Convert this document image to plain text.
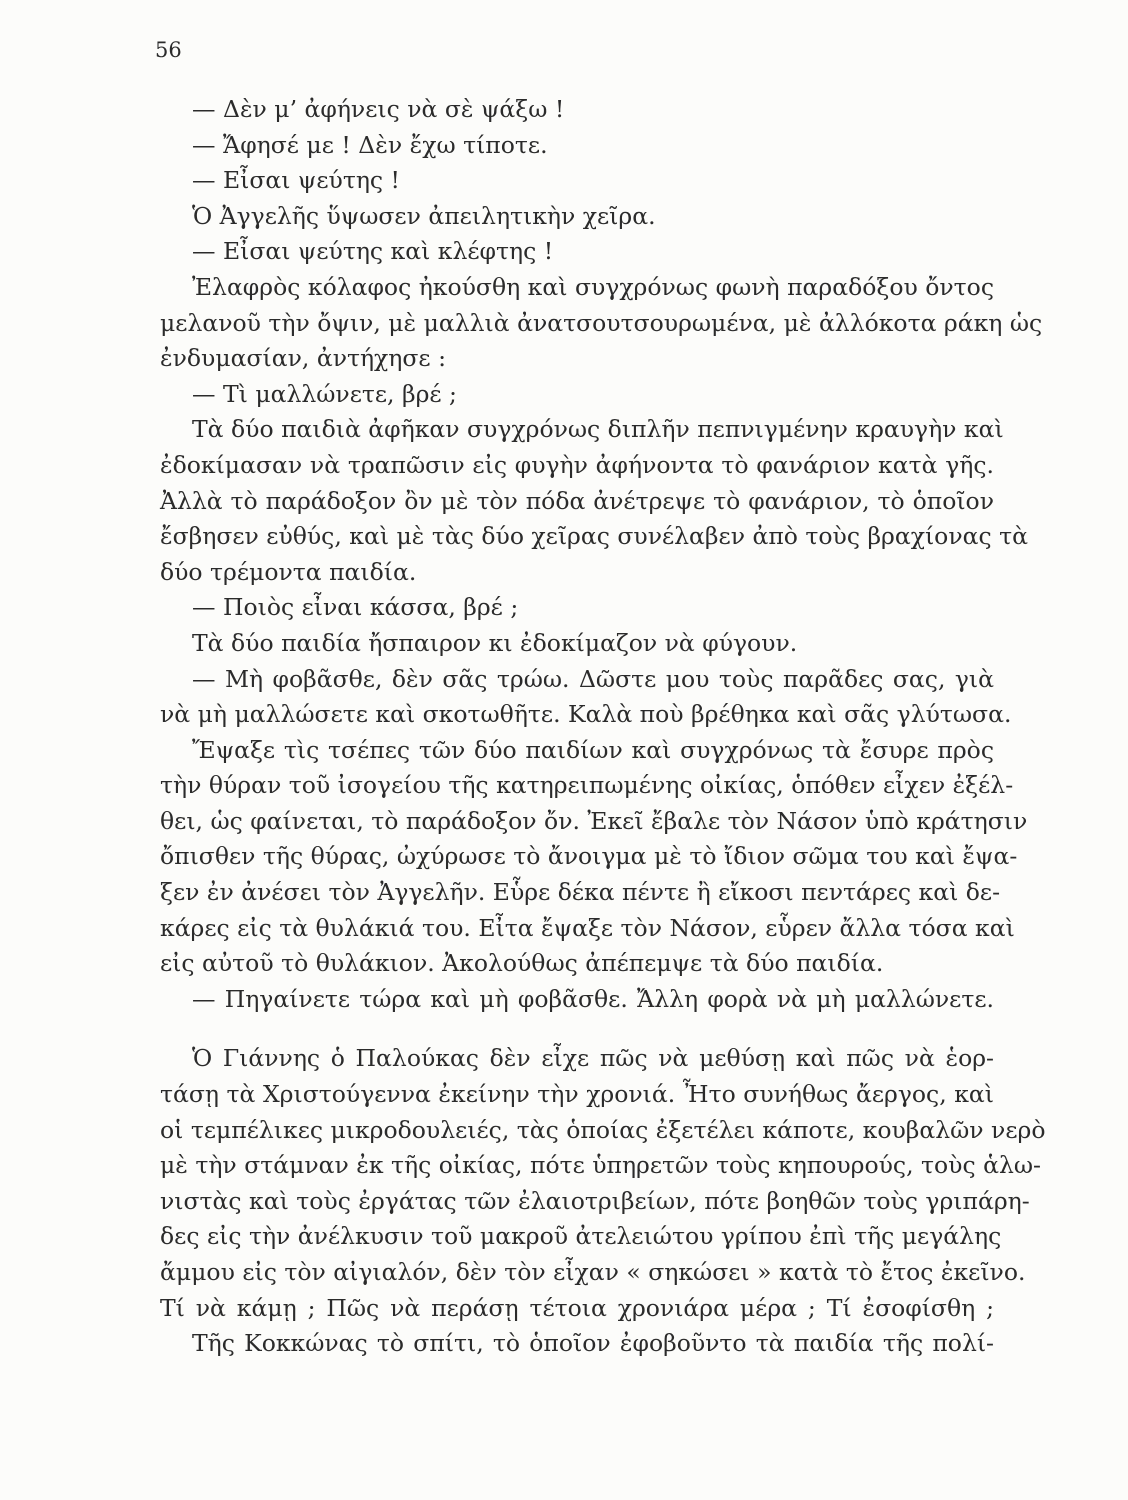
56
— Δὲν μ’ ἀφήνεις νὰ σὲ ψάξω !
— Ἄφησέ με ! Δὲν ἔχω τίποτε.
— Εἶσαι ψεύτης !
Ὁ Ἀγγελῆς ὕψωσεν ἀπειλητικὴν χεῖρα.
— Εἶσαι ψεύτης καὶ κλέφτης !
Ἐλαφρὸς κόλαφος ἠκούσθη καὶ συγχρόνως φωνὴ παραδόξου ὄντος
μελανοῦ τὴν ὄψιν, μὲ μαλλιὰ ἀνατσουτσουρωμένα, μὲ ἀλλόκοτα ράκη ὡς
ἐνδυμασίαν, ἀντήχησε :
— Τὶ μαλλώνετε, βρέ ;
Τὰ δύο παιδιὰ ἀφῆκαν συγχρόνως διπλῆν πεπνιγμένην κραυγὴν καὶ
ἐδοκίμασαν νὰ τραπῶσιν εἰς φυγὴν ἀφήνοντα τὸ φανάριον κατὰ γῆς.
Ἀλλὰ τὸ παράδοξον ὂν μὲ τὸν πόδα ἀνέτρεψε τὸ φανάριον, τὸ ὁποῖον
ἔσβησεν εὐθύς, καὶ μὲ τὰς δύο χεῖρας συνέλαβεν ἀπὸ τοὺς βραχίονας τὰ
δύο τρέμοντα παιδία.
— Ποιὸς εἶναι κάσσα, βρέ ;
Τὰ δύο παιδία ἤσπαιρον κι ἐδοκίμαζον νὰ φύγουν.
— Μὴ φοβᾶσθε, δὲν σᾶς τρώω. Δῶστε μου τοὺς παρᾶδες σας, γιὰ
νὰ μὴ μαλλώσετε καὶ σκοτωθῆτε. Καλὰ ποὺ βρέθηκα καὶ σᾶς γλύτωσα.
Ἔψαξε τὶς τσέπες τῶν δύο παιδίων καὶ συγχρόνως τὰ ἔσυρε πρὸς
τὴν θύραν τοῦ ἰσογείου τῆς κατηρειπωμένης οἰκίας, ὁπόθεν εἶχεν ἐξέλ-
θει, ὡς φαίνεται, τὸ παράδοξον ὄν. Ἐκεῖ ἔβαλε τὸν Νάσον ὑπὸ κράτησιν
ὄπισθεν τῆς θύρας, ὠχύρωσε τὸ ἄνοιγμα μὲ τὸ ἴδιον σῶμα του καὶ ἔψα-
ξεν ἐν ἀνέσει τὸν Ἀγγελῆν. Εὗρε δέκα πέντε ἢ εἴκοσι πεντάρες καὶ δε-
κάρες εἰς τὰ θυλάκιά του. Εἶτα ἔψαξε τὸν Νάσον, εὗρεν ἄλλα τόσα καὶ
εἰς αὐτοῦ τὸ θυλάκιον. Ἀκολούθως ἀπέπεμψε τὰ δύο παιδία.
— Πηγαίνετε τώρα καὶ μὴ φοβᾶσθε. Ἄλλη φορὰ νὰ μὴ μαλλώνετε.
Ὁ Γιάννης ὁ Παλούκας δὲν εἶχε πῶς νὰ μεθύσῃ καὶ πῶς νὰ ἑορ-
τάσῃ τὰ Χριστούγεννα ἐκείνην τὴν χρονιά. Ἦτο συνήθως ἄεργος, καὶ
οἱ τεμπέλικες μικροδουλειές, τὰς ὁποίας ἐξετέλει κάποτε, κουβαλῶν νερὸ
μὲ τὴν στάμναν ἐκ τῆς οἰκίας, πότε ὑπηρετῶν τοὺς κηπουρούς, τοὺς ἁλω-
νιστὰς καὶ τοὺς ἐργάτας τῶν ἐλαιοτριβείων, πότε βοηθῶν τοὺς γριπάρη-
δες εἰς τὴν ἀνέλκυσιν τοῦ μακροῦ ἀτελειώτου γρίπου ἐπὶ τῆς μεγάλης
ἄμμου εἰς τὸν αἰγιαλόν, δὲν τὸν εἶχαν « σηκώσει » κατὰ τὸ ἔτος ἐκεῖνο.
Τί νὰ κάμῃ ; Πῶς νὰ περάσῃ τέτοια χρονιάρα μέρα ; Τί ἐσοφίσθη ;
Τῆς Κοκκώνας τὸ σπίτι, τὸ ὁποῖον ἐφοβοῦντο τὰ παιδία τῆς πολί-
